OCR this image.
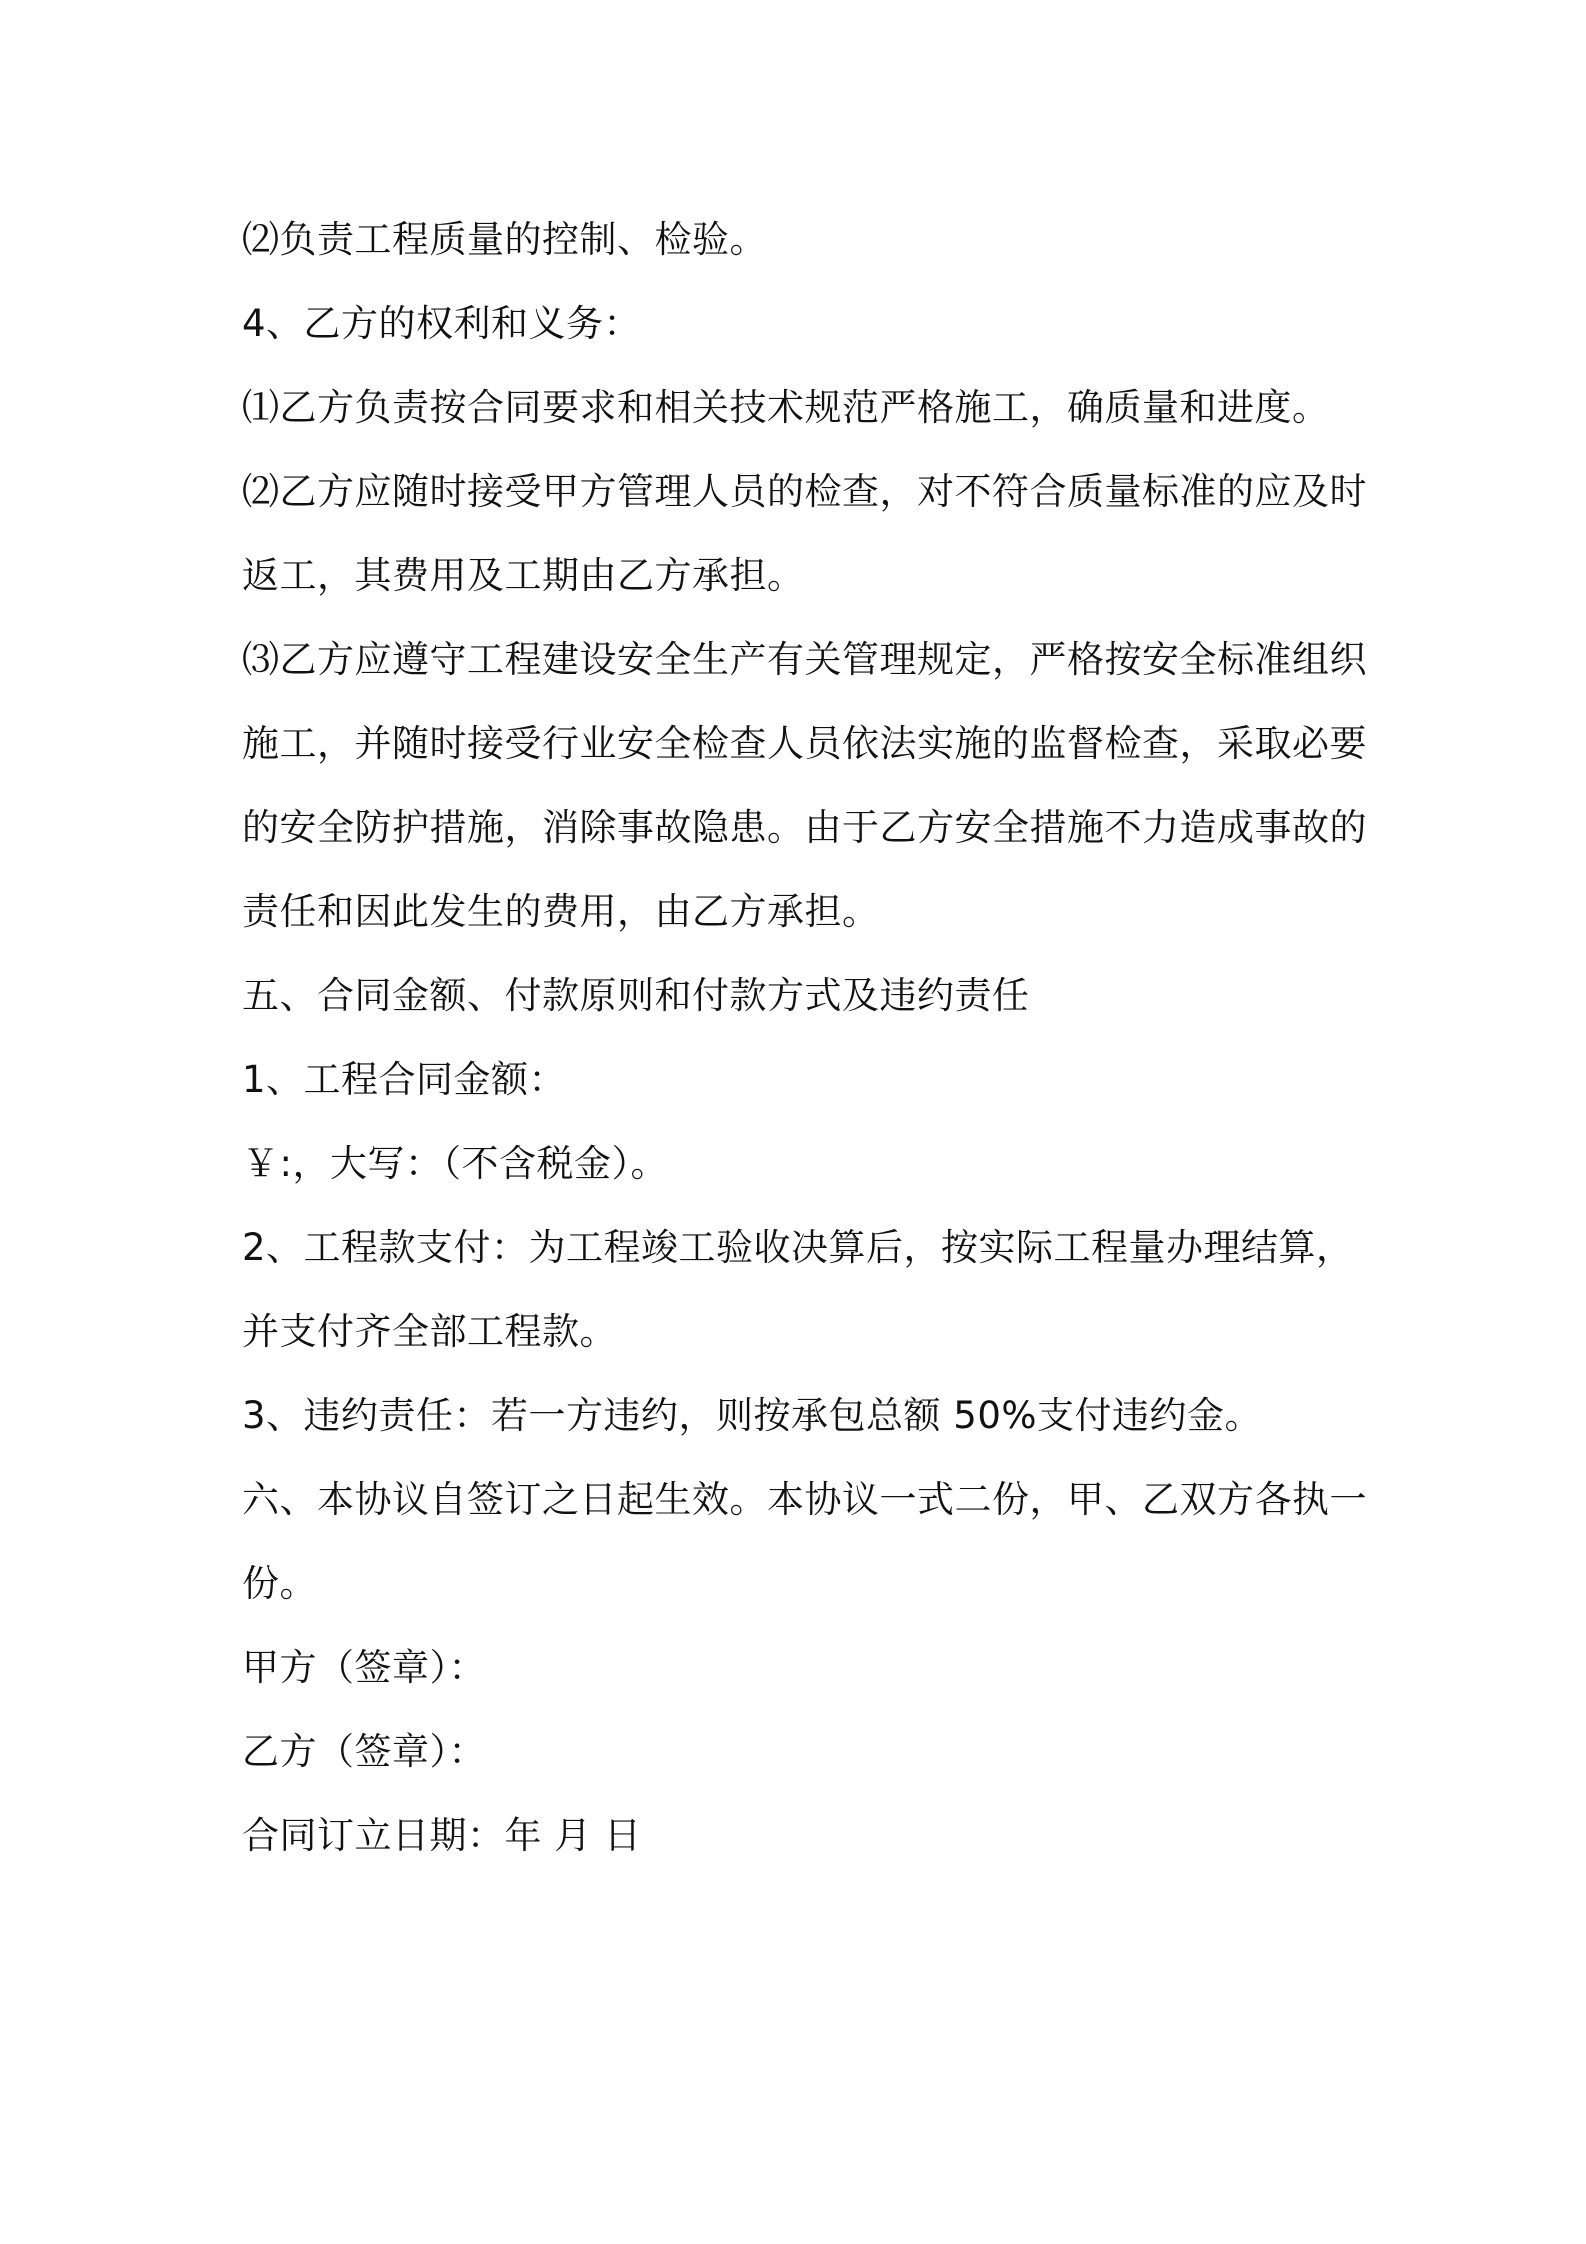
⑵负责工程质量的控制、检验。
4、乙方的权利和义务：
⑴乙方负责按合同要求和相关技术规范严格施工，确质量和进度。
⑵乙方应随时接受甲方管理人员的检查，对不符合质量标准的应及时
返工，其费用及工期由乙方承担。
⑶乙方应遵守工程建设安全生产有关管理规定，严格按安全标准组织
施工，并随时接受行业安全检查人员依法实施的监督检查，采取必要
的安全防护措施，消除事故隐患。由于乙方安全措施不力造成事故的
责任和因此发生的费用，由乙方承担。
五、合同金额、付款原则和付款方式及违约责任
1、工程合同金额：
￥:，大写：（不含税金）。
2、工程款支付：为工程竣工验收决算后，按实际工程量办理结算，
并支付齐全部工程款。
3、违约责任：若一方违约，则按承包总额 50%支付违约金。
六、本协议自签订之日起生效。本协议一式二份，甲、乙双方各执一
份。
甲方（签章）：
乙方（签章）：
合同订立日期：年 月 日
